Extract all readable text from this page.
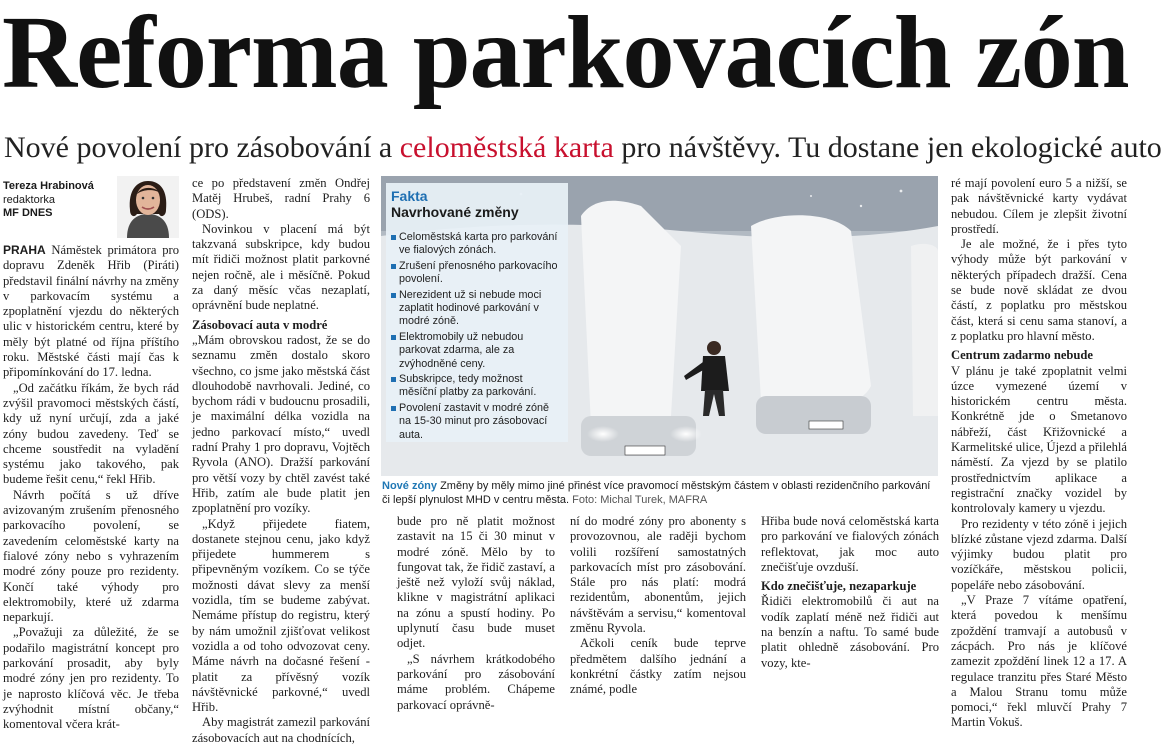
Reforma parkovacích zón
Nové povolení pro zásobování a celoměstská karta pro návštěvy. Tu dostane jen ekologické auto
Tereza Hrabinová
redaktorka
MF DNES

PRAHA Náměstek primátora pro dopravu Zdeněk Hřib (Piráti) představil finální návrhy na změny v parkovacím systému a zpoplatnění vjezdu do některých ulic v historickém centru, které by měly být platné od října příštího roku. Městské části mají čas k připomínkování do 17. ledna.

„Od začátku říkám, že bych rád zvýšil pravomoci městských částí, kdy už nyní určují, zda a jaké zóny budou zavedeny. Teď se chceme soustředit na vyladění systému jako takového, pak budeme řešit cenu,“ řekl Hřib.

Návrh počítá s už dříve avizovaným zrušením přenosného parkovacího povolení, se zavedením celoměstské karty na fialové zóny nebo s vyhrazením modré zóny pouze pro rezidenty. Končí také výhody pro elektromobily, které už zdarma neparkují.

„Považuji za důležité, že se podařilo magistrátní koncept pro parkování prosadit, aby byly modré zóny jen pro rezidenty. To je naprosto klíčová věc. Je třeba zvýhodnit místní občany,“ komentoval včera krát-

ce po představení změn Ondřej Matěj Hrubeš, radní Prahy 6 (ODS).

Novinkou v placení má být takzvaná subskripce, kdy budou mít řidiči možnost platit parkovné nejen ročně, ale i měsíčně. Pokud za daný měsíc včas nezaplatí, oprávnění bude neplatné.

Zásobovací auta v modré

„Mám obrovskou radost, že se do seznamu změn dostalo skoro všechno, co jsme jako městská část dlouhodobě navrhovali. Jediné, co bychom rádi v budoucnu prosadili, je maximální délka vozidla na jedno parkovací místo,“ uvedl radní Prahy 1 pro dopravu, Vojtěch Ryvola (ANO). Dražší parkování pro větší vozy by chtěl zavést také Hřib, zatím ale bude platit jen zpoplatnění pro vozíky.

„Když přijedete fiatem, dostanete stejnou cenu, jako když přijedete hummerem s připevněným vozíkem. Co se týče možnosti dávat slevy za menší vozidla, tím se budeme zabývat. Nemáme přístup do registru, který by nám umožnil zjišťovat velikost vozidla a od toho odvozovat ceny. Máme návrh na dočasné řešení - platit za přívěsný vozík návštěvnické parkovné,“ uvedl Hřib.

Aby magistrát zamezil parkování zásobovacích aut na chodnících,

Fakta
Navrhované změny
Celoměstská karta pro parkování ve fialových zónách.
Zrušení přenosného parkovacího povolení.
Nerezident už si nebude moci zaplatit hodinové parkování v modré zóně.
Elektromobily už nebudou parkovat zdarma, ale za zvýhodněné ceny.
Subskripce, tedy možnost měsíční platby za parkování.
Povolení zastavit v modré zóně na 15-30 minut pro zásobovací auta.
Nové zóny Změny by měly mimo jiné přinést více pravomocí městským částem v oblasti rezidenčního parkování či lepší plynulost MHD v centru města. Foto: Michal Turek, MAFRA

bude pro ně platit možnost zastavit na 15 či 30 minut v modré zóně. Mělo by to fungovat tak, že řidič zastaví, a ještě než vyloží svůj náklad, klikne v magistrátní aplikaci na zónu a spustí hodiny. Po uplynutí času bude muset odjet.

„S návrhem krátkodobého parkování pro zásobování máme problém. Chápeme parkovací oprávně-

ní do modré zóny pro abonenty s provozovnou, ale raději bychom volili rozšíření samostatných parkovacích míst pro zásobování. Stále pro nás platí: modrá rezidentům, abonentům, jejich návštěvám a servisu,“ komentoval změnu Ryvola.

Ačkoli ceník bude teprve předmětem dalšího jednání a konkrétní částky zatím nejsou známé, podle

Hřiba bude nová celoměstská karta pro parkování ve fialových zónách reflektovat, jak moc auto znečišťuje ovzduší.

Kdo znečišťuje, nezaparkuje

Řidiči elektromobilů či aut na vodík zaplatí méně než řidiči aut na benzín a naftu. To samé bude platit ohledně zásobování. Pro vozy, kte-

ré mají povolení euro 5 a nižší, se pak návštěvnické karty vydávat nebudou. Cílem je zlepšit životní prostředí.

Je ale možné, že i přes tyto výhody může být parkování v některých případech dražší. Cena se bude nově skládat ze dvou částí, z poplatku pro městskou část, která si cenu sama stanoví, a z poplatku pro hlavní město.

Centrum zadarmo nebude

V plánu je také zpoplatnit velmi úzce vymezené území v historickém centru města. Konkrétně jde o Smetanovo nábřeží, část Křižovnické a Karmelitské ulice, Újezd a přilehlá náměstí. Za vjezd by se platilo prostřednictvím aplikace a registrační značky vozidel by kontrolovaly kamery u vjezdu.

Pro rezidenty v této zóně i jejich blízké zůstane vjezd zdarma. Další výjimky budou platit pro vozíčkáře, městskou policii, popeláře nebo zásobování.

„V Praze 7 vítáme opatření, která povedou k menšímu zpoždění tramvají a autobusů v zácpách. Pro nás je klíčové zamezit zpoždění linek 12 a 17. A regulace tranzitu přes Staré Město a Malou Stranu tomu může pomoci,“ řekl mluvčí Prahy 7 Martin Vokuš.
